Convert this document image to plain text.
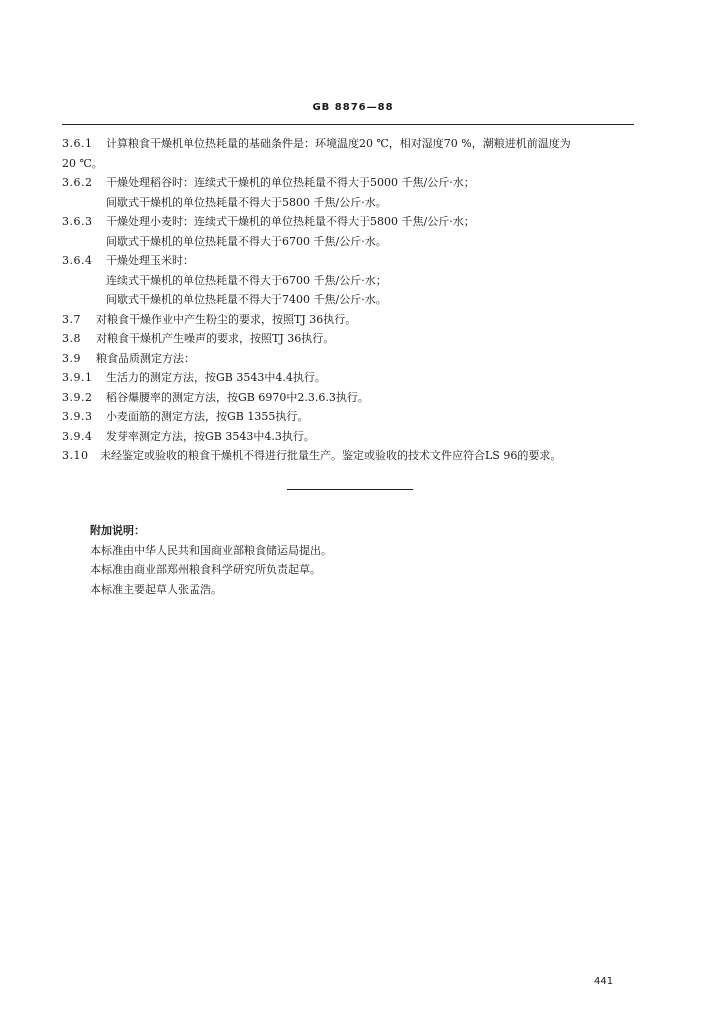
GB 8876—88
3.6.1 计算粮食干燥机单位热耗量的基础条件是：环境温度20 ℃，相对湿度70 %，潮粮进机前温度为
20 ℃。
3.6.2 干燥处理稻谷时：连续式干燥机的单位热耗量不得大于5000 千焦/公斤·水；
间歇式干燥机的单位热耗量不得大于5800 千焦/公斤·水。
3.6.3 干燥处理小麦时：连续式干燥机的单位热耗量不得大于5800 千焦/公斤·水；
间歇式干燥机的单位热耗量不得大于6700 千焦/公斤·水。
3.6.4 干燥处理玉米时：
连续式干燥机的单位热耗量不得大于6700 千焦/公斤·水；
间歇式干燥机的单位热耗量不得大于7400 千焦/公斤·水。
3.7 对粮食干燥作业中产生粉尘的要求，按照TJ 36执行。
3.8 对粮食干燥机产生噪声的要求，按照TJ 36执行。
3.9 粮食品质测定方法：
3.9.1 生活力的测定方法，按GB 3543中4.4执行。
3.9.2 稻谷爆腰率的测定方法，按GB 6970中2.3.6.3执行。
3.9.3 小麦面筋的测定方法，按GB 1355执行。
3.9.4 发芽率测定方法，按GB 3543中4.3执行。
3.10 未经鉴定或验收的粮食干燥机不得进行批量生产。鉴定或验收的技术文件应符合LS 96的要求。
附加说明：
本标准由中华人民共和国商业部粮食储运局提出。
本标准由商业部郑州粮食科学研究所负责起草。
本标准主要起草人张孟浩。
441
